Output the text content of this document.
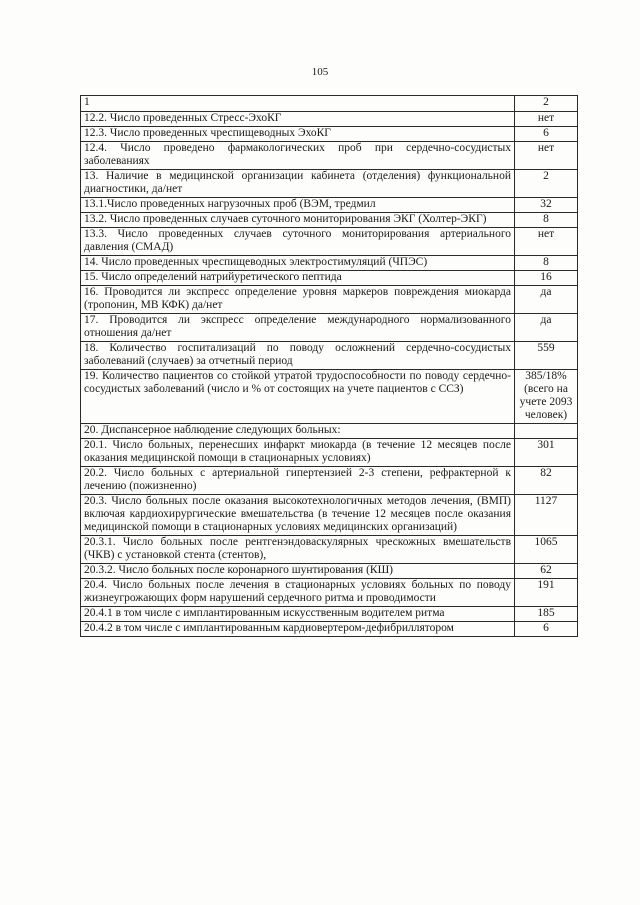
105
1	2
12.2. Число проведенных Стресс-ЭхоКГ	нет
12.3. Число проведенных чреспищеводных ЭхоКГ	6
12.4. Число проведено фармакологических проб при сердечно-сосудистых заболеваниях	нет
13. Наличие в медицинской организации кабинета (отделения) функциональной диагностики, да/нет	2
13.1.Число проведенных нагрузочных проб (ВЭМ, тредмил	32
13.2. Число проведенных случаев суточного мониторирования ЭКГ (Холтер-ЭКГ)	8
13.3. Число проведенных случаев суточного мониторирования артериального давления (СМАД)	нет
14. Число проведенных чреспищеводных электростимуляций (ЧПЭС)	8
15. Число определений натрийуретического пептида	16
16. Проводится ли экспресс определение уровня маркеров повреждения миокарда (тропонин, МВ КФК) да/нет	да
17. Проводится ли экспресс определение международного нормализованного отношения да/нет	да
18. Количество госпитализаций по поводу осложнений сердечно-сосудистых заболеваний (случаев) за отчетный период	559
19. Количество пациентов со стойкой утратой трудоспособности по поводу сердечно-сосудистых заболеваний (число и % от состоящих на учете пациентов с ССЗ)	385/18% (всего на учете 2093 человек)
20. Диспансерное наблюдение следующих больных:	
20.1. Число больных, перенесших инфаркт миокарда (в течение 12 месяцев после оказания медицинской помощи в стационарных условиях)	301
20.2. Число больных с артериальной гипертензией 2-3 степени, рефрактерной к лечению (пожизненно)	82
20.3. Число больных после оказания высокотехнологичных методов лечения, (ВМП) включая кардиохирургические вмешательства (в течение 12 месяцев после оказания медицинской помощи в стационарных условиях медицинских организаций)	1127
20.3.1. Число больных после рентгенэндоваскулярных чрескожных вмешательств (ЧКВ) с установкой стента (стентов),	1065
20.3.2. Число больных после коронарного шунтирования (КШ)	62
20.4. Число больных после лечения в стационарных условиях больных по поводу жизнеугрожающих форм нарушений сердечного ритма и проводимости	191
20.4.1 в том числе с имплантированным искусственным водителем ритма	185
20.4.2 в том числе с имплантированным кардиовертером-дефибриллятором	6
